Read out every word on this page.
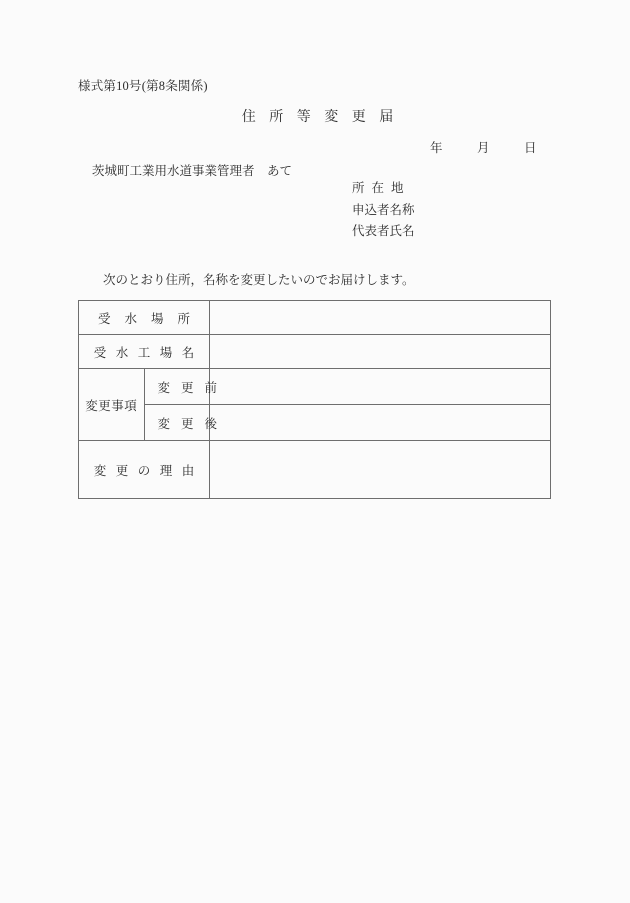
様式第10号(第8条関係)
住所等変更届
年　月　日
茨城町工業用水道事業管理者　あて
所在地
申込者名称
代表者氏名
次のとおり住所，名称を変更したいのでお届けします。
受水場所		

受水工場名		

変更事項	変更前	

	変更後	

変更の理由		
